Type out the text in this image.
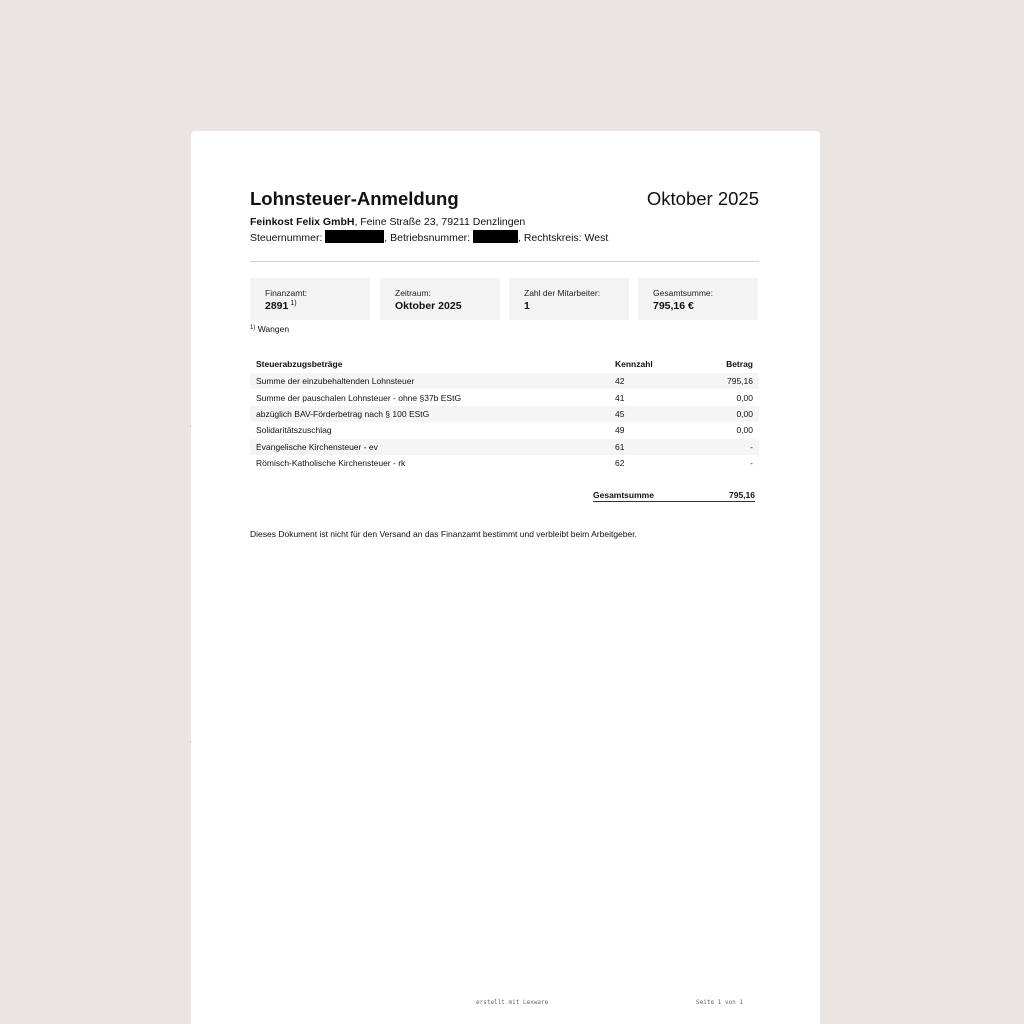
Lohnsteuer-Anmeldung	Oktober 2025
Feinkost Felix GmbH, Feine Straße 23, 79211 Denzlingen
Steuernummer:	, Betriebsnummer:	, Rechtskreis: West
Finanzamt:
2891 $^{1)}$
Zeitraum:
Oktober 2025
Zahl der Mitarbeiter:
1
Gesamtsumme:
795,16 €
$^{1)}$ Wangen
Steuerabzugsbeträge	Kennzahl	Betrag
Summe der einzubehaltenden Lohnsteuer	42	795,16
Summe der pauschalen Lohnsteuer - ohne §37b EStG	41	0,00
abzüglich BAV-Förderbetrag nach § 100 EStG	45	0,00
Solidaritätszuschlag	49	0,00
Evangelische Kirchensteuer - ev	61	-
Römisch-Katholische Kirchensteuer - rk	62	-
Gesamtsumme	795,16
Dieses Dokument ist nicht für den Versand an das Finanzamt bestimmt und verbleibt beim Arbeitgeber.
erstellt mit Lexware	Seite 1 von 1
